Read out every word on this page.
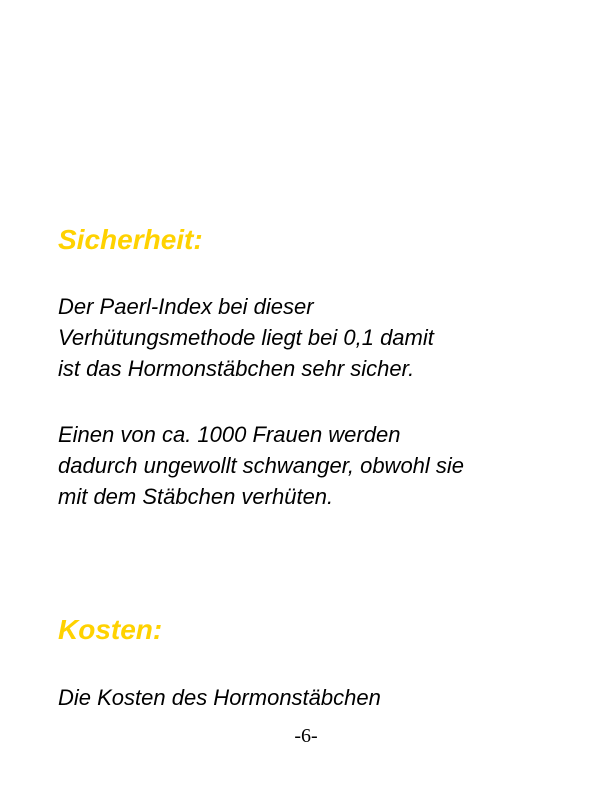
Sicherheit:

Der Paerl-Index bei dieser
Verhütungsmethode liegt bei 0,1 damit
ist das Hormonstäbchen sehr sicher.

Einen von ca. 1000 Frauen werden
dadurch ungewollt schwanger, obwohl sie
mit dem Stäbchen verhüten.

Kosten:

Die Kosten des Hormonstäbchen

-6-
